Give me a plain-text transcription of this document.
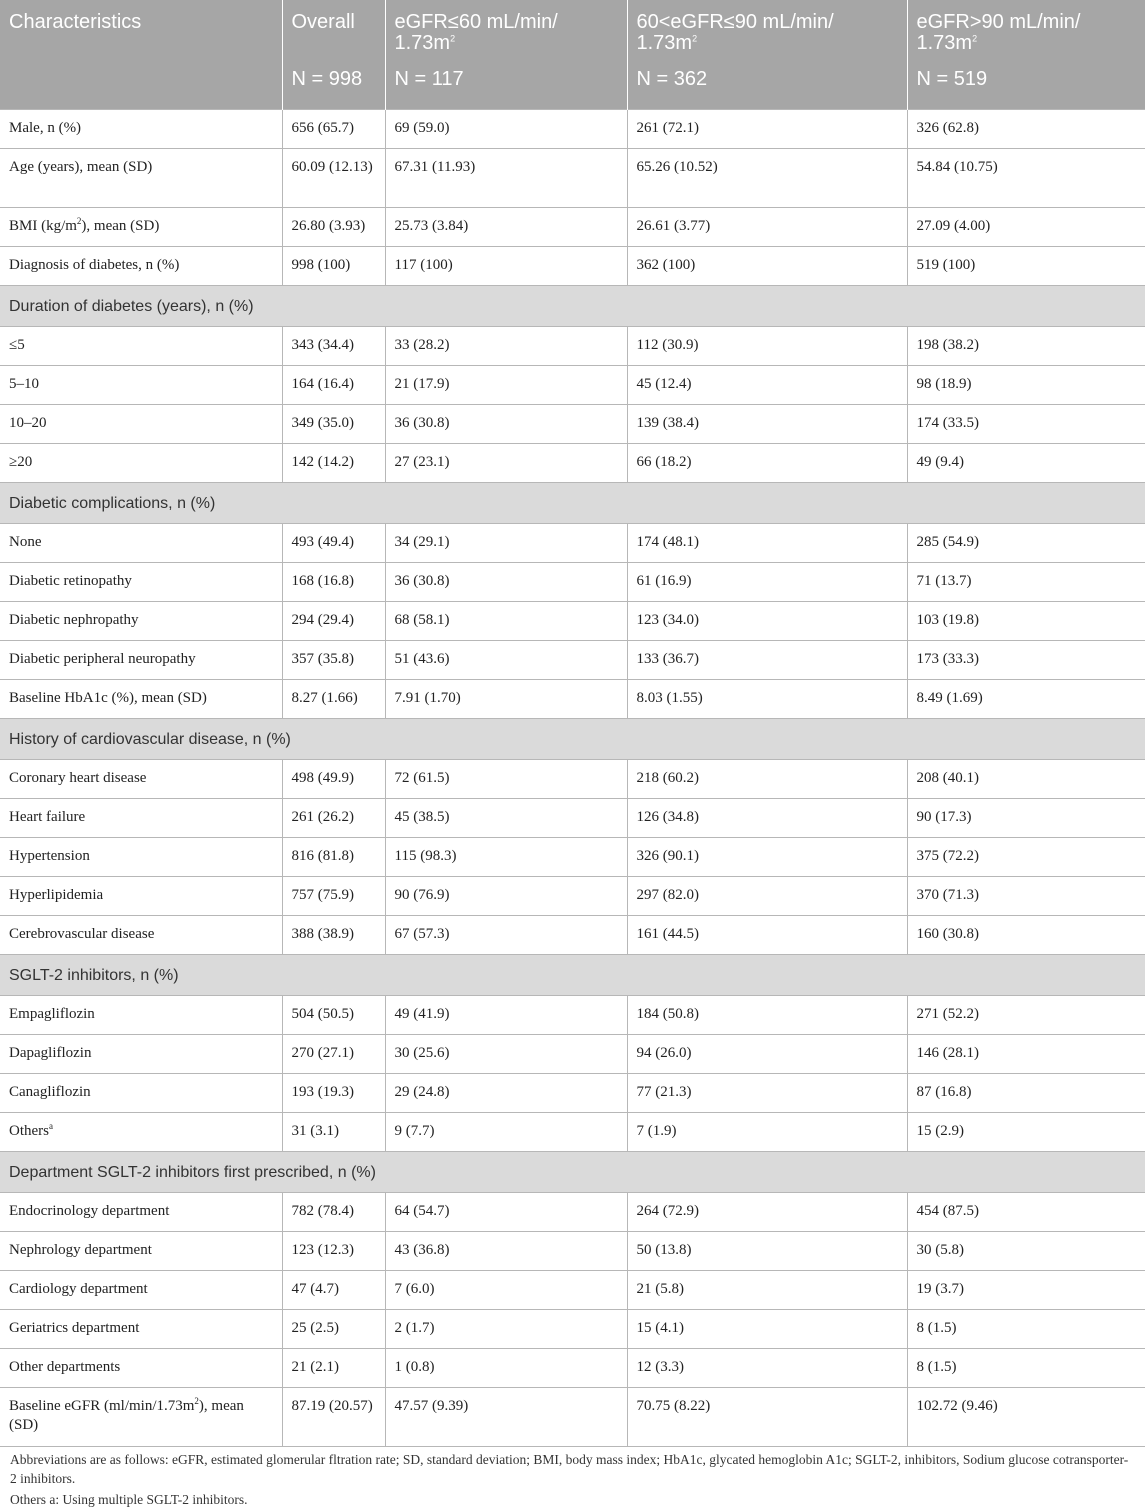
Characteristics	Overall	eGFR≤60 mL/min/ $1.73m^2$	60<eGFR≤90 mL/min/ $1.73m^2$	eGFR>90 mL/min/ $1.73m^2$
	N = 998	N = 117	N = 362	N = 519
Male, n (%)	656 (65.7)	69 (59.0)	261 (72.1)	326 (62.8)
Age (years), mean (SD)	60.09 (12.13)	67.31 (11.93)	65.26 (10.52)	54.84 (10.75)
BMI $(kg/m^2)$, mean (SD)	26.80 (3.93)	25.73 (3.84)	26.61 (3.77)	27.09 (4.00)
Diagnosis of diabetes, n (%)	998 (100)	117 (100)	362 (100)	519 (100)
Duration of diabetes (years), n (%)				
≤5	343 (34.4)	33 (28.2)	112 (30.9)	198 (38.2)
5–10	164 (16.4)	21 (17.9)	45 (12.4)	98 (18.9)
10–20	349 (35.0)	36 (30.8)	139 (38.4)	174 (33.5)
≥20	142 (14.2)	27 (23.1)	66 (18.2)	49 (9.4)
Diabetic complications, n (%)				
None	493 (49.4)	34 (29.1)	174 (48.1)	285 (54.9)
Diabetic retinopathy	168 (16.8)	36 (30.8)	61 (16.9)	71 (13.7)
Diabetic nephropathy	294 (29.4)	68 (58.1)	123 (34.0)	103 (19.8)
Diabetic peripheral neuropathy	357 (35.8)	51 (43.6)	133 (36.7)	173 (33.3)
Baseline HbA1c (%), mean (SD)	8.27 (1.66)	7.91 (1.70)	8.03 (1.55)	8.49 (1.69)
History of cardiovascular disease, n (%)				
Coronary heart disease	498 (49.9)	72 (61.5)	218 (60.2)	208 (40.1)
Heart failure	261 (26.2)	45 (38.5)	126 (34.8)	90 (17.3)
Hypertension	816 (81.8)	115 (98.3)	326 (90.1)	375 (72.2)
Hyperlipidemia	757 (75.9)	90 (76.9)	297 (82.0)	370 (71.3)
Cerebrovascular disease	388 (38.9)	67 (57.3)	161 (44.5)	160 (30.8)
SGLT-2 inhibitors, n (%)				
Empagliflozin	504 (50.5)	49 (41.9)	184 (50.8)	271 (52.2)
Dapagliflozin	270 (27.1)	30 (25.6)	94 (26.0)	146 (28.1)
Canagliflozin	193 (19.3)	29 (24.8)	77 (21.3)	87 (16.8)
Others$^a$	31 (3.1)	9 (7.7)	7 (1.9)	15 (2.9)
Department SGLT-2 inhibitors first prescribed, n (%)				
Endocrinology department	782 (78.4)	64 (54.7)	264 (72.9)	454 (87.5)
Nephrology department	123 (12.3)	43 (36.8)	50 (13.8)	30 (5.8)
Cardiology department	47 (4.7)	7 (6.0)	21 (5.8)	19 (3.7)
Geriatrics department	25 (2.5)	2 (1.7)	15 (4.1)	8 (1.5)
Other departments	21 (2.1)	1 (0.8)	12 (3.3)	8 (1.5)
Baseline eGFR $(ml/\min/1.73m^2)$, mean (SD)	87.19 (20.57)	47.57 (9.39)	70.75 (8.22)	102.72 (9.46)
Abbreviations are as follows: eGFR, estimated glomerular fltration rate; SD, standard deviation; BMI, body mass index; HbA1c, glycated hemoglobin A1c; SGLT-2, inhibitors, Sodium glucose cotransporter-2 inhibitors.
Others a: Using multiple SGLT-2 inhibitors.
